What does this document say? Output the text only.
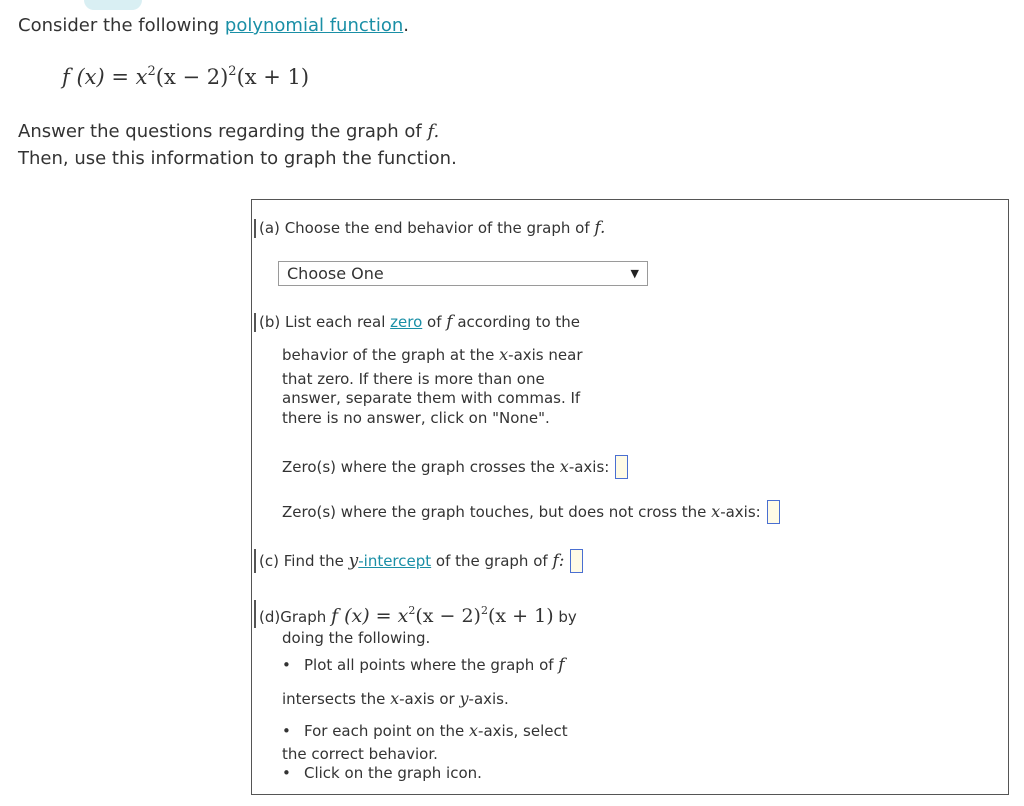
Consider the following polynomial function.
f $(x) = x^2(x - 2)^2(x + 1)$
Answer the questions regarding the graph of f.
Then, use this information to graph the function.
(a) Choose the end behavior of the graph of f.
Choose One	▼
(b) List each real zero of f according to the
behavior of the graph at the x-axis near
that zero. If there is more than one
answer, separate them with commas. If
there is no answer, click on "None".
Zero(s) where the graph crosses the x-axis:
Zero(s) where the graph touches, but does not cross the x-axis:
(c) Find the y-intercept of the graph of f:
(d)Graph f $(x) = x^2(x - 2)^2(x + 1)$ by
doing the following.
• Plot all points where the graph of f
intersects the x-axis or y-axis.
• For each point on the x-axis, select
the correct behavior.
• Click on the graph icon.
